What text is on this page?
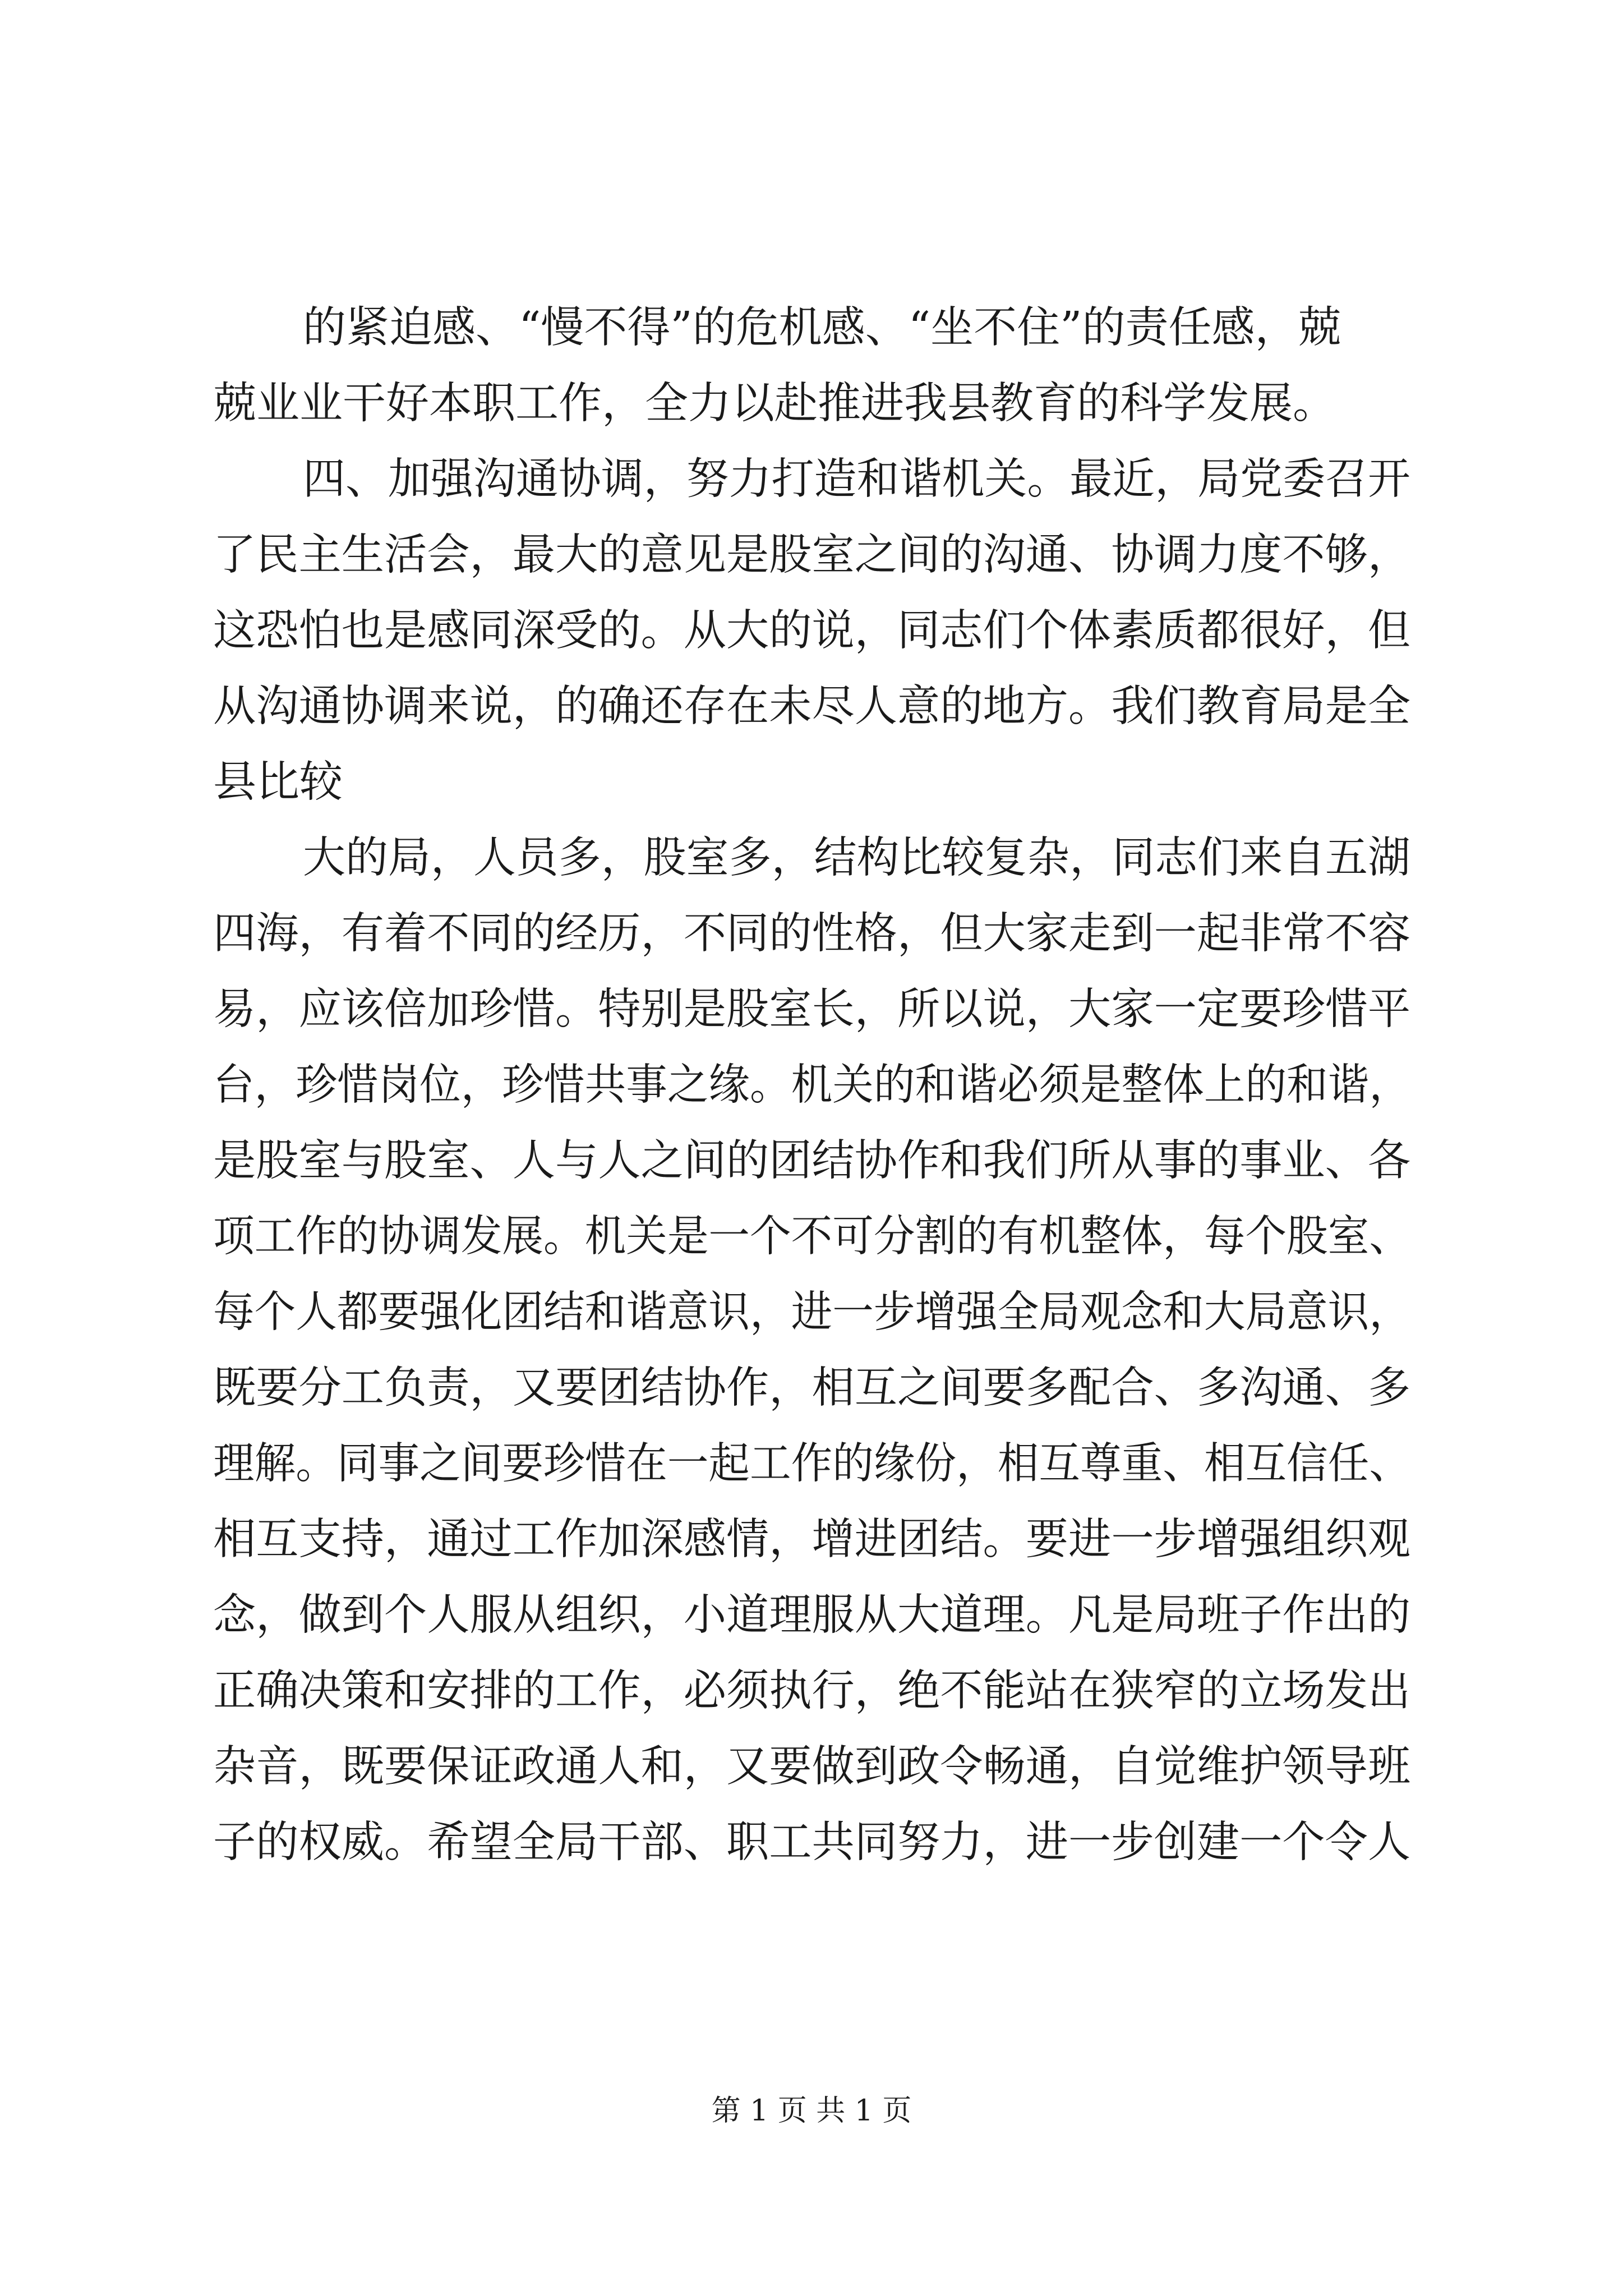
的紧迫感、“慢不得”的危机感、“坐不住”的责任感，兢
兢业业干好本职工作，全力以赴推进我县教育的科学发展。
四、加强沟通协调，努力打造和谐机关。最近，局党委召开
了民主生活会，最大的意见是股室之间的沟通、协调力度不够，
这恐怕也是感同深受的。从大的说，同志们个体素质都很好，但
从沟通协调来说，的确还存在未尽人意的地方。我们教育局是全
县比较
大的局，人员多，股室多，结构比较复杂，同志们来自五湖
四海，有着不同的经历，不同的性格，但大家走到一起非常不容
易，应该倍加珍惜。特别是股室长，所以说，大家一定要珍惜平
台，珍惜岗位，珍惜共事之缘。机关的和谐必须是整体上的和谐，
是股室与股室、人与人之间的团结协作和我们所从事的事业、各
项工作的协调发展。机关是一个不可分割的有机整体，每个股室、
每个人都要强化团结和谐意识，进一步增强全局观念和大局意识，
既要分工负责，又要团结协作，相互之间要多配合、多沟通、多
理解。同事之间要珍惜在一起工作的缘份，相互尊重、相互信任、
相互支持，通过工作加深感情，增进团结。要进一步增强组织观
念，做到个人服从组织，小道理服从大道理。凡是局班子作出的
正确决策和安排的工作，必须执行，绝不能站在狭窄的立场发出
杂音，既要保证政通人和，又要做到政令畅通，自觉维护领导班
子的权威。希望全局干部、职工共同努力，进一步创建一个令人
第 1 页 共 1 页
